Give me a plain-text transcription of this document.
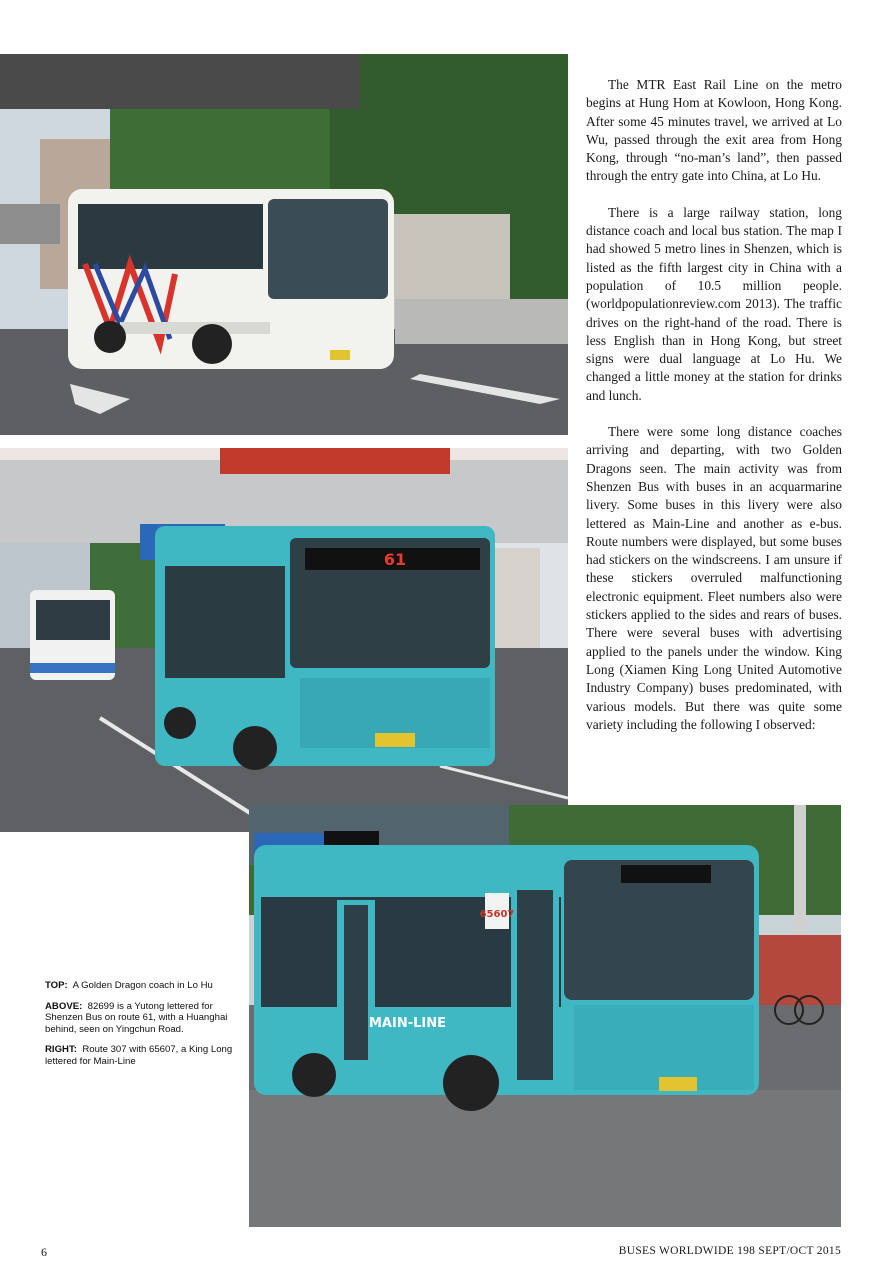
61
65607
MAIN-LINE

The MTR East Rail Line on the metro begins at Hung Hom at Kowloon, Hong Kong. After some 45 minutes travel, we arrived at Lo Wu, passed through the exit area from Hong Kong, through “no-man’s land”, then passed through the entry gate into China, at Lo Hu.

There is a large railway station, long distance coach and local bus station. The map I had showed 5 metro lines in Shenzen, which is listed as the fifth largest city in China with a population of 10.5 million people. (worldpopulationreview.com 2013). The traffic drives on the right-hand of the road. There is less English than in Hong Kong, but street signs were dual language at Lo Hu. We changed a little money at the station for drinks and lunch.

There were some long distance coaches arriving and departing, with two Golden Dragons seen. The main activity was from Shenzen Bus with buses in an acquarmarine livery. Some buses in this livery were also lettered as Main-Line and another as e-bus. Route numbers were displayed, but some buses had stickers on the windscreens. I am unsure if these stickers overruled malfunctioning electronic equipment. Fleet numbers also were stickers applied to the sides and rears of buses. There were several buses with advertising applied to the panels under the window. King Long (Xiamen King Long United Automotive Industry Company) buses predominated, with various models. But there was quite some variety including the following I observed:

TOP: A Golden Dragon coach in Lo Hu

ABOVE: 82699 is a Yutong lettered for Shenzen Bus on route 61, with a Huanghai behind, seen on Yingchun Road.

RIGHT: Route 307 with 65607, a King Long lettered for Main-Line

6	BUSES WORLDWIDE 198 SEPT/OCT 2015
